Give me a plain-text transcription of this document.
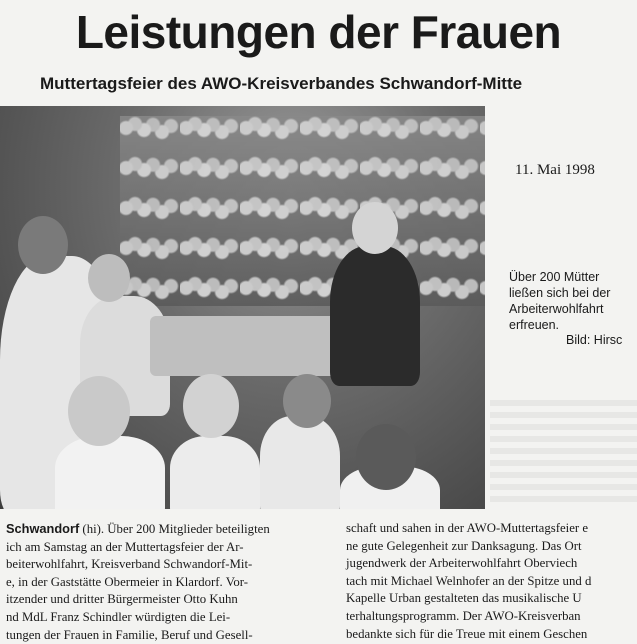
Leistungen der Frauen
Muttertagsfeier des AWO-Kreisverbandes Schwandorf-Mitte
11. Mai 1998

Über 200 Mütter
ließen sich bei der
Arbeiterwohlfahrt
erfreuen.

Bild: Hirsc
Schwandorf (hi). Über 200 Mitglieder beteiligten
ich am Samstag an der Muttertagsfeier der Ar-
beiterwohlfahrt, Kreisverband Schwandorf-Mit-
e, in der Gaststätte Obermeier in Klardorf. Vor-
itzender und dritter Bürgermeister Otto Kuhn
nd MdL Franz Schindler würdigten die Lei-
tungen der Frauen in Familie, Beruf und Gesell-
schaft und sahen in der AWO-Muttertagsfeier e
ne gute Gelegenheit zur Danksagung. Das Ort
jugendwerk der Arbeiterwohlfahrt Oberviech
tach mit Michael Welnhofer an der Spitze und d
Kapelle Urban gestalteten das musikalische U
terhaltungsprogramm. Der AWO-Kreisverban
bedankte sich für die Treue mit einem Geschen
